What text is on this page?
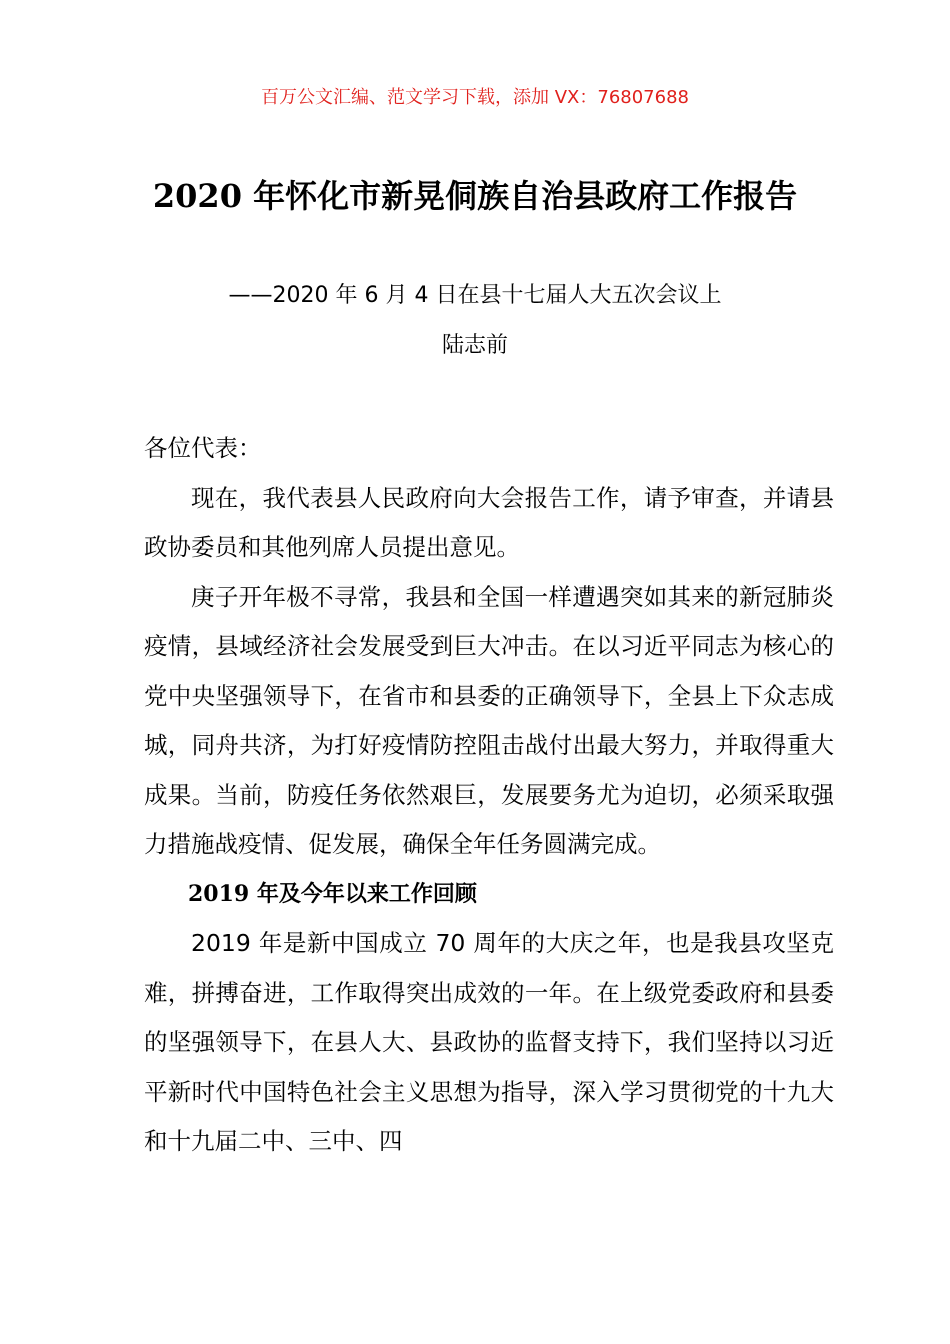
百万公文汇编、范文学习下载，添加 VX：76807688
2020 年怀化市新晃侗族自治县政府工作报告
——2020 年 6 月 4 日在县十七届人大五次会议上
陆志前

各位代表：

现在，我代表县人民政府向大会报告工作，请予审查，并请县政协委员和其他列席人员提出意见。

庚子开年极不寻常，我县和全国一样遭遇突如其来的新冠肺炎疫情，县域经济社会发展受到巨大冲击。在以习近平同志为核心的党中央坚强领导下，在省市和县委的正确领导下，全县上下众志成城，同舟共济，为打好疫情防控阻击战付出最大努力，并取得重大成果。当前，防疫任务依然艰巨，发展要务尤为迫切，必须采取强力措施战疫情、促发展，确保全年任务圆满完成。

2019 年及今年以来工作回顾

2019 年是新中国成立 70 周年的大庆之年，也是我县攻坚克难，拼搏奋进，工作取得突出成效的一年。在上级党委政府和县委的坚强领导下，在县人大、县政协的监督支持下，我们坚持以习近平新时代中国特色社会主义思想为指导，深入学习贯彻党的十九大和十九届二中、三中、四
